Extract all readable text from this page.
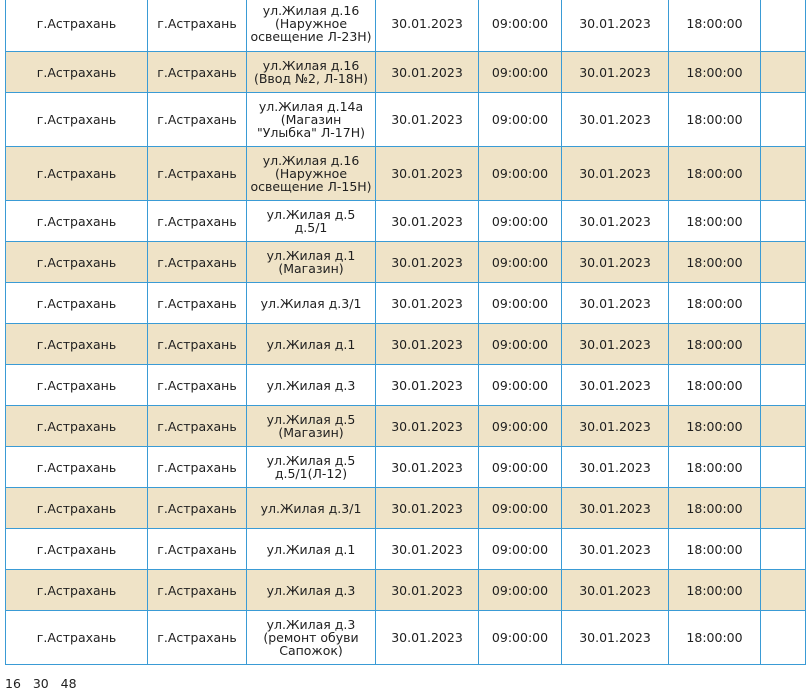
г.Астрахань	г.Астрахань	ул.Жилая д.16 (Наружное освещение Л-23Н)	30.01.2023	09:00:00	30.01.2023	18:00:00	
г.Астрахань	г.Астрахань	ул.Жилая д.16 (Ввод №2, Л-18Н)	30.01.2023	09:00:00	30.01.2023	18:00:00	
г.Астрахань	г.Астрахань	ул.Жилая д.14а (Магазин "Улыбка" Л-17Н)	30.01.2023	09:00:00	30.01.2023	18:00:00	
г.Астрахань	г.Астрахань	ул.Жилая д.16 (Наружное освещение Л-15Н)	30.01.2023	09:00:00	30.01.2023	18:00:00	
г.Астрахань	г.Астрахань	ул.Жилая д.5 д.5/1	30.01.2023	09:00:00	30.01.2023	18:00:00	
г.Астрахань	г.Астрахань	ул.Жилая д.1 (Магазин)	30.01.2023	09:00:00	30.01.2023	18:00:00	
г.Астрахань	г.Астрахань	ул.Жилая д.3/1	30.01.2023	09:00:00	30.01.2023	18:00:00	
г.Астрахань	г.Астрахань	ул.Жилая д.1	30.01.2023	09:00:00	30.01.2023	18:00:00	
г.Астрахань	г.Астрахань	ул.Жилая д.3	30.01.2023	09:00:00	30.01.2023	18:00:00	
г.Астрахань	г.Астрахань	ул.Жилая д.5 (Магазин)	30.01.2023	09:00:00	30.01.2023	18:00:00	
г.Астрахань	г.Астрахань	ул.Жилая д.5 д.5/1(Л-12)	30.01.2023	09:00:00	30.01.2023	18:00:00	
г.Астрахань	г.Астрахань	ул.Жилая д.3/1	30.01.2023	09:00:00	30.01.2023	18:00:00	
г.Астрахань	г.Астрахань	ул.Жилая д.1	30.01.2023	09:00:00	30.01.2023	18:00:00	
г.Астрахань	г.Астрахань	ул.Жилая д.3	30.01.2023	09:00:00	30.01.2023	18:00:00	
г.Астрахань	г.Астрахань	ул.Жилая д.3 (ремонт обуви Сапожок)	30.01.2023	09:00:00	30.01.2023	18:00:00	
16   30   48
